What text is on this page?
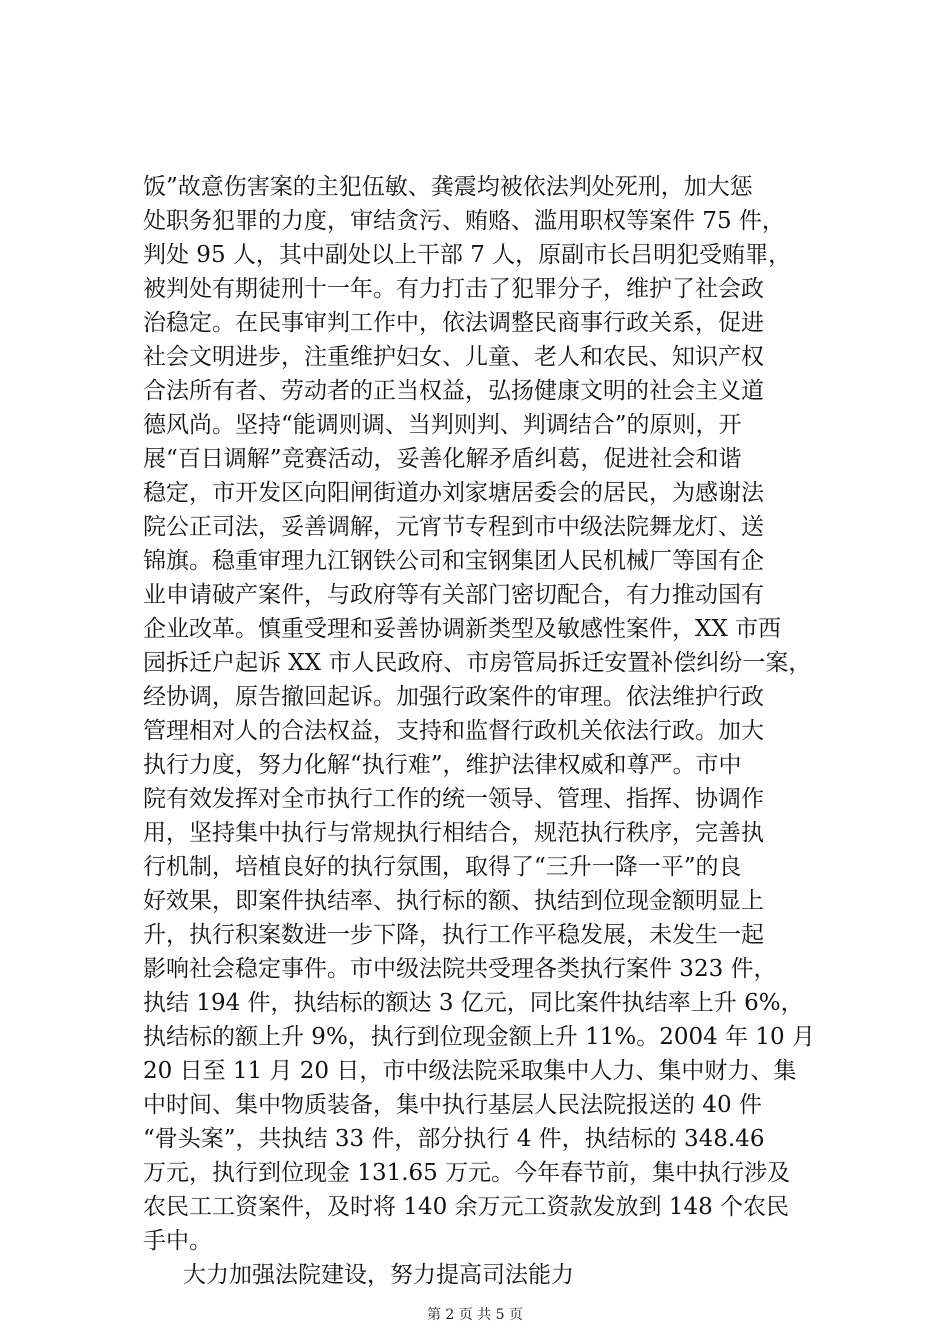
饭”故意伤害案的主犯伍敏、龚震均被依法判处死刑，加大惩
处职务犯罪的力度，审结贪污、贿赂、滥用职权等案件 75 件，
判处 95 人，其中副处以上干部 7 人，原副市长吕明犯受贿罪，
被判处有期徒刑十一年。有力打击了犯罪分子，维护了社会政
治稳定。在民事审判工作中，依法调整民商事行政关系，促进
社会文明进步，注重维护妇女、儿童、老人和农民、知识产权
合法所有者、劳动者的正当权益，弘扬健康文明的社会主义道
德风尚。坚持“能调则调、当判则判、判调结合”的原则，开
展“百日调解”竞赛活动，妥善化解矛盾纠葛，促进社会和谐
稳定，市开发区向阳闸街道办刘家塘居委会的居民，为感谢法
院公正司法，妥善调解，元宵节专程到市中级法院舞龙灯、送
锦旗。稳重审理九江钢铁公司和宝钢集团人民机械厂等国有企
业申请破产案件，与政府等有关部门密切配合，有力推动国有
企业改革。慎重受理和妥善协调新类型及敏感性案件，XX 市西
园拆迁户起诉 XX 市人民政府、市房管局拆迁安置补偿纠纷一案，
经协调，原告撤回起诉。加强行政案件的审理。依法维护行政
管理相对人的合法权益，支持和监督行政机关依法行政。加大
执行力度，努力化解“执行难”，维护法律权威和尊严。市中
院有效发挥对全市执行工作的统一领导、管理、指挥、协调作
用，坚持集中执行与常规执行相结合，规范执行秩序，完善执
行机制，培植良好的执行氛围，取得了“三升一降一平”的良
好效果，即案件执结率、执行标的额、执结到位现金额明显上
升，执行积案数进一步下降，执行工作平稳发展，未发生一起
影响社会稳定事件。市中级法院共受理各类执行案件 323 件，
执结 194 件，执结标的额达 3 亿元，同比案件执结率上升 6%，
执结标的额上升 9%，执行到位现金额上升 11%。2004 年 10 月
20 日至 11 月 20 日，市中级法院采取集中人力、集中财力、集
中时间、集中物质装备，集中执行基层人民法院报送的 40 件
“骨头案”，共执结 33 件，部分执行 4 件，执结标的 348.46
万元，执行到位现金 131.65 万元。今年春节前，集中执行涉及
农民工工资案件，及时将 140 余万元工资款发放到 148 个农民
手中。
大力加强法院建设，努力提高司法能力
第 2 页 共 5 页
